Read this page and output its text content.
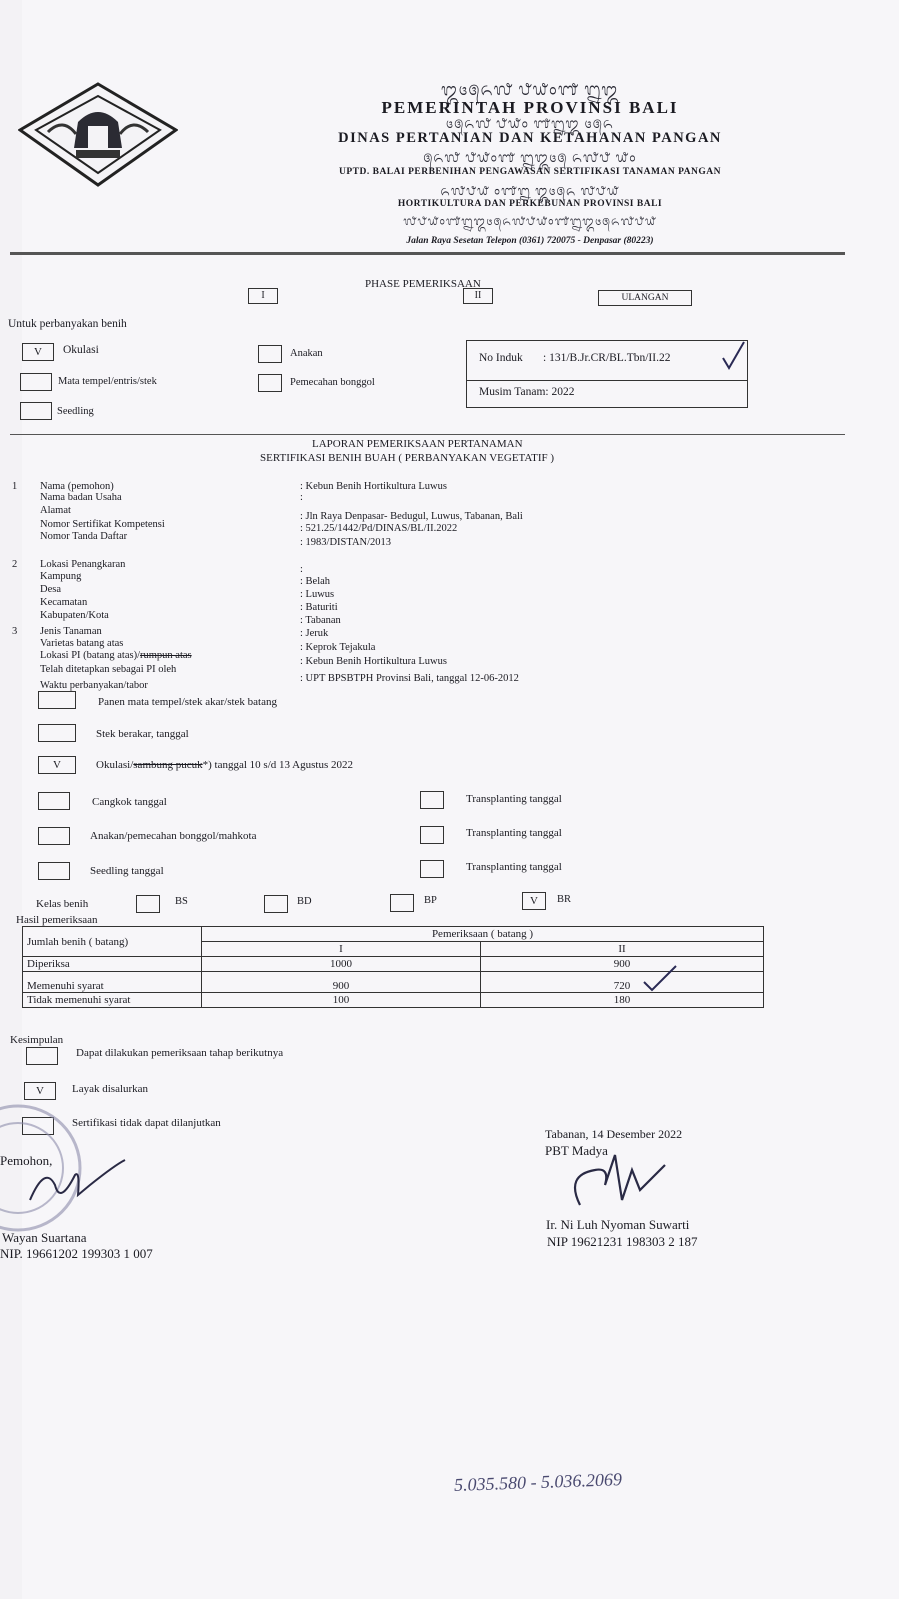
᭓᭔᭕᭖᭗ ᭘᭙᭐᭑ ᭒᭓
PEMERINTAH PROVINSI BALI
᭔᭕᭖᭗ ᭘᭙᭐ ᭑᭒᭓ ᭔᭕᭖
DINAS PERTANIAN DAN KETAHANAN PANGAN
᭕᭖᭗ ᭘᭙᭐᭑ ᭒᭓᭔᭕ ᭖᭗᭘ ᭙᭐
UPTD. BALAI PERBENIHAN PENGAWASAN SERTIFIKASI TANAMAN PANGAN
᭖᭗᭘᭙ ᭐᭑᭒ ᭓᭔᭕᭖ ᭗᭘᭙
HORTIKULTURA DAN PERKEBUNAN PROVINSI BALI
᭗᭘᭙᭐᭑᭒᭓᭔᭕᭖᭗᭘᭙᭐᭑᭒᭓᭔᭕᭖᭗᭘᭙
Jalan Raya Sesetan Telepon (0361) 720075 - Denpasar (80223)
PHASE PEMERIKSAAN
I	II	ULANGAN
Untuk perbanyakan benih
V	Okulasi	Anakan
Mata tempel/entris/stek	Pemecahan bonggol
Seedling
No Induk : 131/B.Jr.CR/BL.Tbn/II.22
Musim Tanam: 2022
LAPORAN PEMERIKSAAN PERTANAMAN
SERTIFIKASI BENIH BUAH ( PERBANYAKAN VEGETATIF )
1 Nama (pemohon)	: Kebun Benih Hortikultura Luwus
Nama badan Usaha	:
Alamat
: Jln Raya Denpasar- Bedugul, Luwus, Tabanan, Bali
Nomor Sertifikat Kompetensi	: 521.25/1442/Pd/DINAS/BL/II.2022
Nomor Tanda Daftar
: 1983/DISTAN/2013
2 Lokasi Penangkaran	:
Kampung	: Belah
Desa	: Luwus
Kecamatan	: Baturiti
Kabupaten/Kota	: Tabanan
3 Jenis Tanaman	: Jeruk
Varietas batang atas	: Keprok Tejakula
Lokasi PI (batang atas)/rumpun atas
: Kebun Benih Hortikultura Luwus
Telah ditetapkan sebagai PI oleh
: UPT BPSBTPH Provinsi Bali, tanggal 12-06-2012
Waktu perbanyakan/tabor
Panen mata tempel/stek akar/stek batang
Stek berakar, tanggal
V	Okulasi/sambung pucuk*) tanggal 10 s/d 13 Agustus 2022
Cangkok tanggal	Transplanting tanggal
Anakan/pemecahan bonggol/mahkota	Transplanting tanggal
Seedling tanggal	Transplanting tanggal
Kelas benih	BS	BD	BP	V	BR
Hasil pemeriksaan
Jumlah benih ( batang)	Pemeriksaan ( batang )	
	I	II
Diperiksa	1000	900
Memenuhi syarat	900	720
Tidak memenuhi syarat	100	180
Kesimpulan
Dapat dilakukan pemeriksaan tahap berikutnya
V	Layak disalurkan
Sertifikasi tidak dapat dilanjutkan
Pemohon,
Wayan Suartana
NIP. 19661202 199303 1 007
Tabanan, 14 Desember 2022
PBT Madya
Ir. Ni Luh Nyoman Suwarti
NIP 19621231 198303 2 187
5.035.580 - 5.036.2069
